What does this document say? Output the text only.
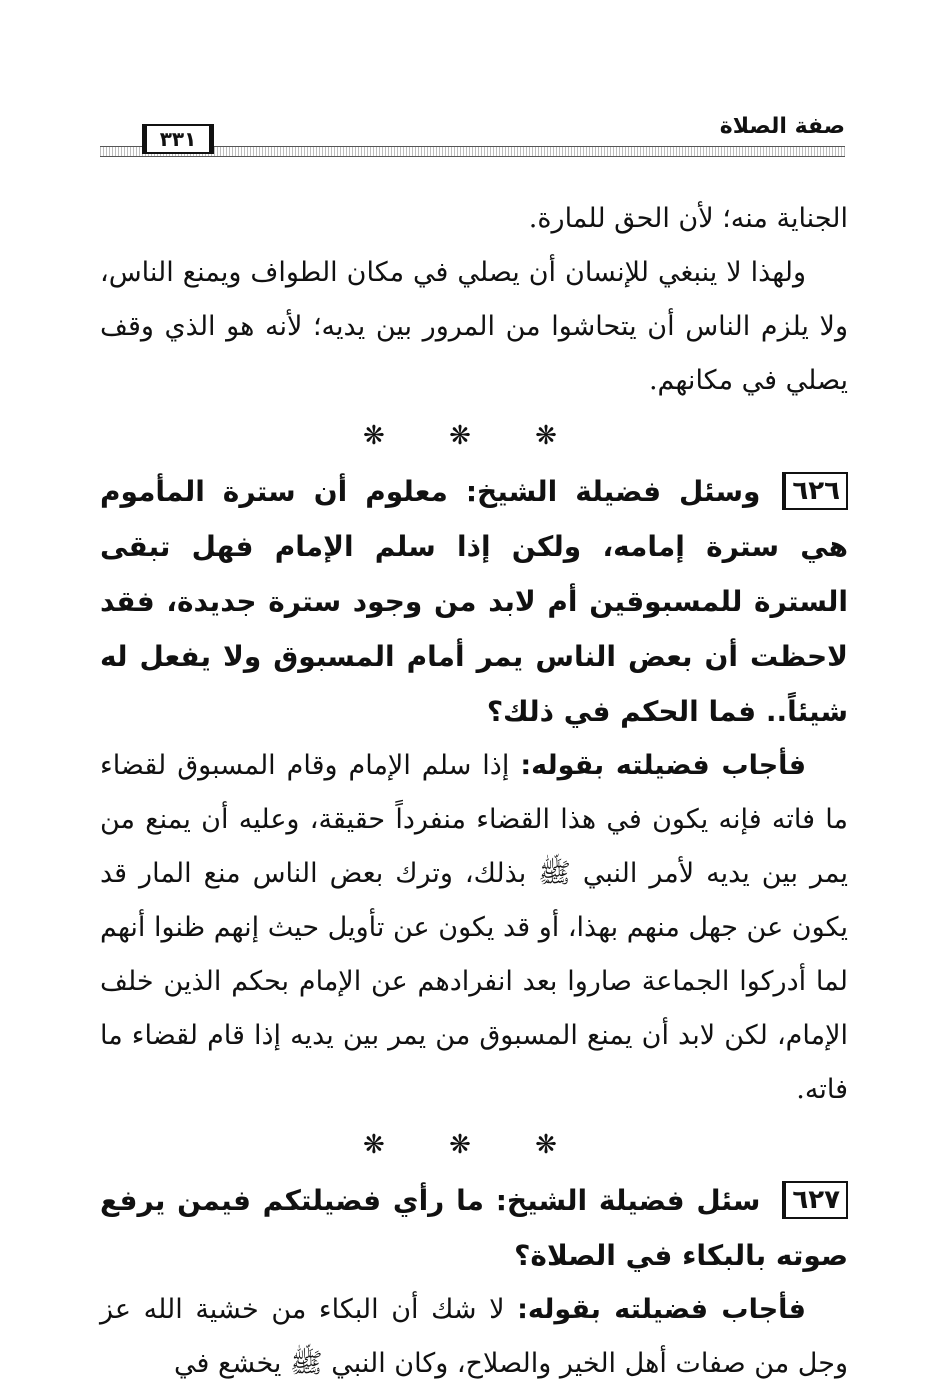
٣٣١	صفة الصلاة

الجناية منه؛ لأن الحق للمارة.

ولهذا لا ينبغي للإنسان أن يصلي في مكان الطواف ويمنع الناس، ولا يلزم الناس أن يتحاشوا من المرور بين يديه؛ لأنه هو الذي وقف يصلي في مكانهم.

❋ ❋ ❋

٦٢٦وسئل فضيلة الشيخ: معلوم أن سترة المأموم هي سترة إمامه، ولكن إذا سلم الإمام فهل تبقى السترة للمسبوقين أم لابد من وجود سترة جديدة، فقد لاحظت أن بعض الناس يمر أمام المسبوق ولا يفعل له شيئاً.. فما الحكم في ذلك؟

فأجاب فضيلته بقوله: إذا سلم الإمام وقام المسبوق لقضاء ما فاته فإنه يكون في هذا القضاء منفرداً حقيقة، وعليه أن يمنع من يمر بين يديه لأمر النبي ﷺ بذلك، وترك بعض الناس منع المار قد يكون عن جهل منهم بهذا، أو قد يكون عن تأويل حيث إنهم ظنوا أنهم لما أدركوا الجماعة صاروا بعد انفرادهم عن الإمام بحكم الذين خلف الإمام، لكن لابد أن يمنع المسبوق من يمر بين يديه إذا قام لقضاء ما فاته.

❋ ❋ ❋

٦٢٧سئل فضيلة الشيخ: ما رأي فضيلتكم فيمن يرفع صوته بالبكاء في الصلاة؟

فأجاب فضيلته بقوله: لا شك أن البكاء من خشية الله عز وجل من صفات أهل الخير والصلاح، وكان النبي ﷺ يخشع في
